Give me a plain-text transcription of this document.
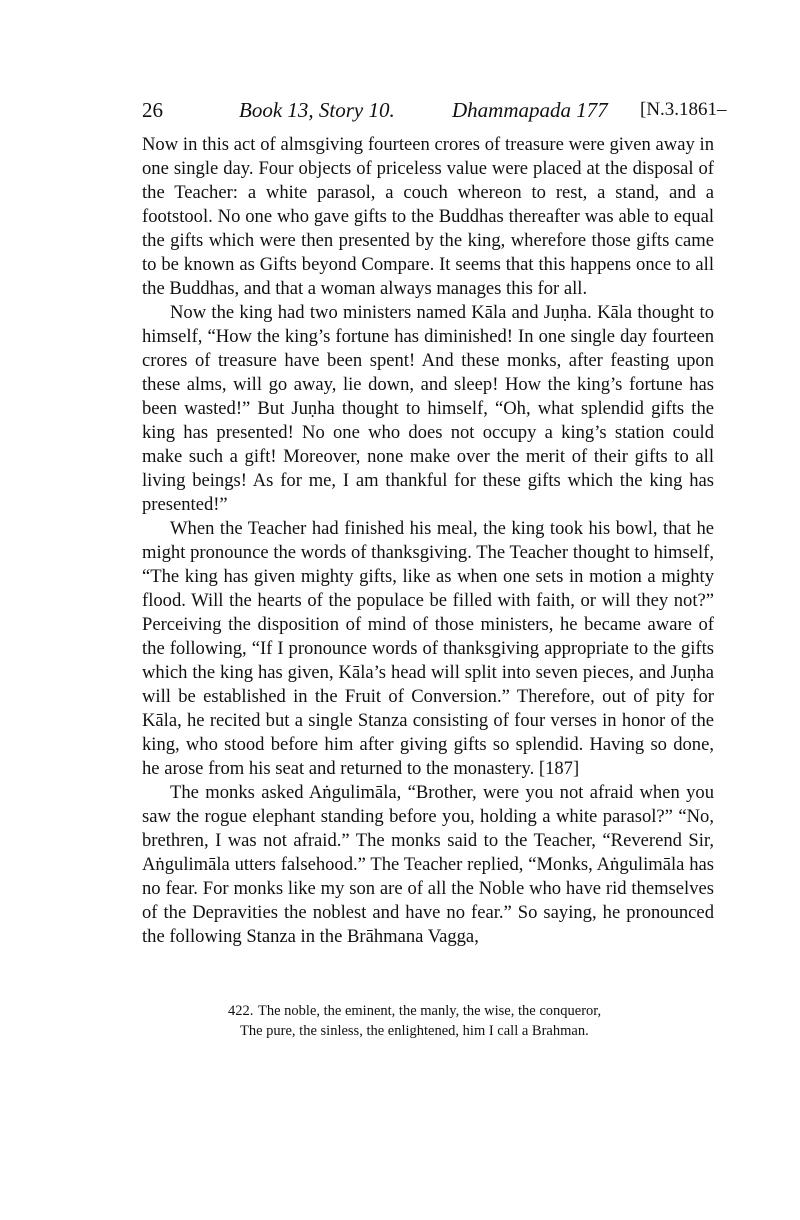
26	Book 13, Story 10.	Dhammapada 177 [N.3.1861–

Now in this act of almsgiving fourteen crores of treasure were given away in one single day. Four objects of priceless value were placed at the disposal of the Teacher: a white parasol, a couch whereon to rest, a stand, and a footstool. No one who gave gifts to the Buddhas thereafter was able to equal the gifts which were then presented by the king, wherefore those gifts came to be known as Gifts beyond Compare. It seems that this happens once to all the Buddhas, and that a woman always manages this for all.

Now the king had two ministers named Kāla and Juṇha. Kāla thought to himself, “How the king’s fortune has diminished! In one single day fourteen crores of treasure have been spent! And these monks, after feasting upon these alms, will go away, lie down, and sleep! How the king’s fortune has been wasted!” But Juṇha thought to himself, “Oh, what splendid gifts the king has presented! No one who does not occupy a king’s station could make such a gift! Moreover, none make over the merit of their gifts to all living beings! As for me, I am thankful for these gifts which the king has presented!”

When the Teacher had finished his meal, the king took his bowl, that he might pronounce the words of thanksgiving. The Teacher thought to himself, “The king has given mighty gifts, like as when one sets in motion a mighty flood. Will the hearts of the populace be filled with faith, or will they not?” Perceiving the disposition of mind of those ministers, he became aware of the following, “If I pronounce words of thanksgiving appropriate to the gifts which the king has given, Kāla’s head will split into seven pieces, and Juṇha will be established in the Fruit of Conversion.” Therefore, out of pity for Kāla, he recited but a single Stanza consisting of four verses in honor of the king, who stood before him after giving gifts so splendid. Having so done, he arose from his seat and returned to the monastery. [187]

The monks asked Aṅgulimāla, “Brother, were you not afraid when you saw the rogue elephant standing before you, holding a white parasol?” “No, brethren, I was not afraid.” The monks said to the Teacher, “Reverend Sir, Aṅgulimāla utters falsehood.” The Teacher replied, “Monks, Aṅgulimāla has no fear. For monks like my son are of all the Noble who have rid themselves of the Depravities the noblest and have no fear.” So saying, he pronounced the following Stanza in the Brāhmana Vagga,

422. The noble, the eminent, the manly, the wise, the conqueror,
The pure, the sinless, the enlightened, him I call a Brahman.
